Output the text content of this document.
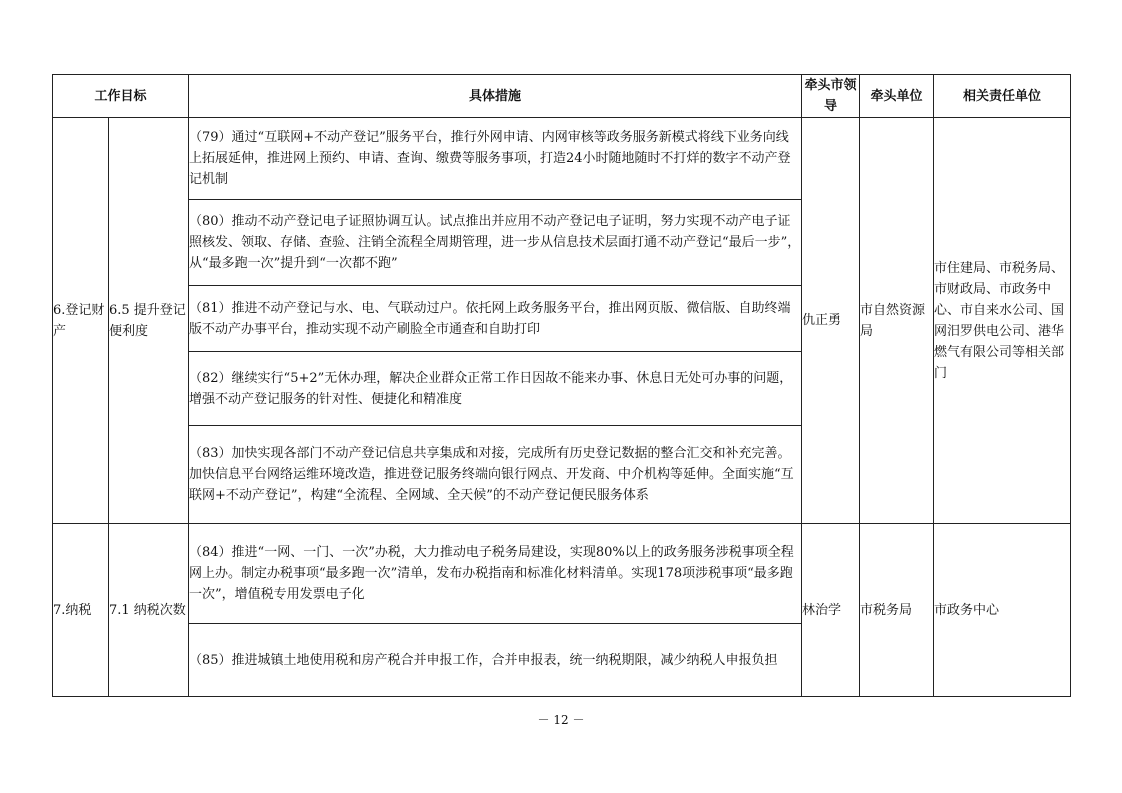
工作目标		具体措施	牵头市领导	牵头单位	相关责任单位
6.登记财产	6.5 提升登记便利度	（79）通过“互联网+不动产登记”服务平台，推行外网申请、内网审核等政务服务新模式将线下业务向线上拓展延伸，推进网上预约、申请、查询、缴费等服务事项，打造24小时随地随时不打烊的数字不动产登记机制	仇正勇	市自然资源局	市住建局、市税务局、市财政局、市政务中心、市自来水公司、国网汨罗供电公司、港华燃气有限公司等相关部门
		（80）推动不动产登记电子证照协调互认。试点推出并应用不动产登记电子证明，努力实现不动产电子证照核发、领取、存储、查验、注销全流程全周期管理，进一步从信息技术层面打通不动产登记“最后一步”，从“最多跑一次”提升到“一次都不跑”			
		（81）推进不动产登记与水、电、气联动过户。依托网上政务服务平台，推出网页版、微信版、自助终端版不动产办事平台，推动实现不动产刷脸全市通查和自助打印			
		（82）继续实行“5+2”无休办理，解决企业群众正常工作日因故不能来办事、休息日无处可办事的问题，增强不动产登记服务的针对性、便捷化和精准度			
		（83）加快实现各部门不动产登记信息共享集成和对接，完成所有历史登记数据的整合汇交和补充完善。加快信息平台网络运维环境改造，推进登记服务终端向银行网点、开发商、中介机构等延伸。全面实施“互联网+不动产登记”，构建“全流程、全网域、全天候”的不动产登记便民服务体系			
7.纳税	7.1 纳税次数	（84）推进“一网、一门、一次”办税，大力推动电子税务局建设，实现80%以上的政务服务涉税事项全程网上办。制定办税事项“最多跑一次”清单，发布办税指南和标准化材料清单。实现178项涉税事项“最多跑一次”，增值税专用发票电子化	林治学	市税务局	市政务中心
		（85）推进城镇土地使用税和房产税合并申报工作，合并申报表，统一纳税期限，减少纳税人申报负担			
－ 12 －
